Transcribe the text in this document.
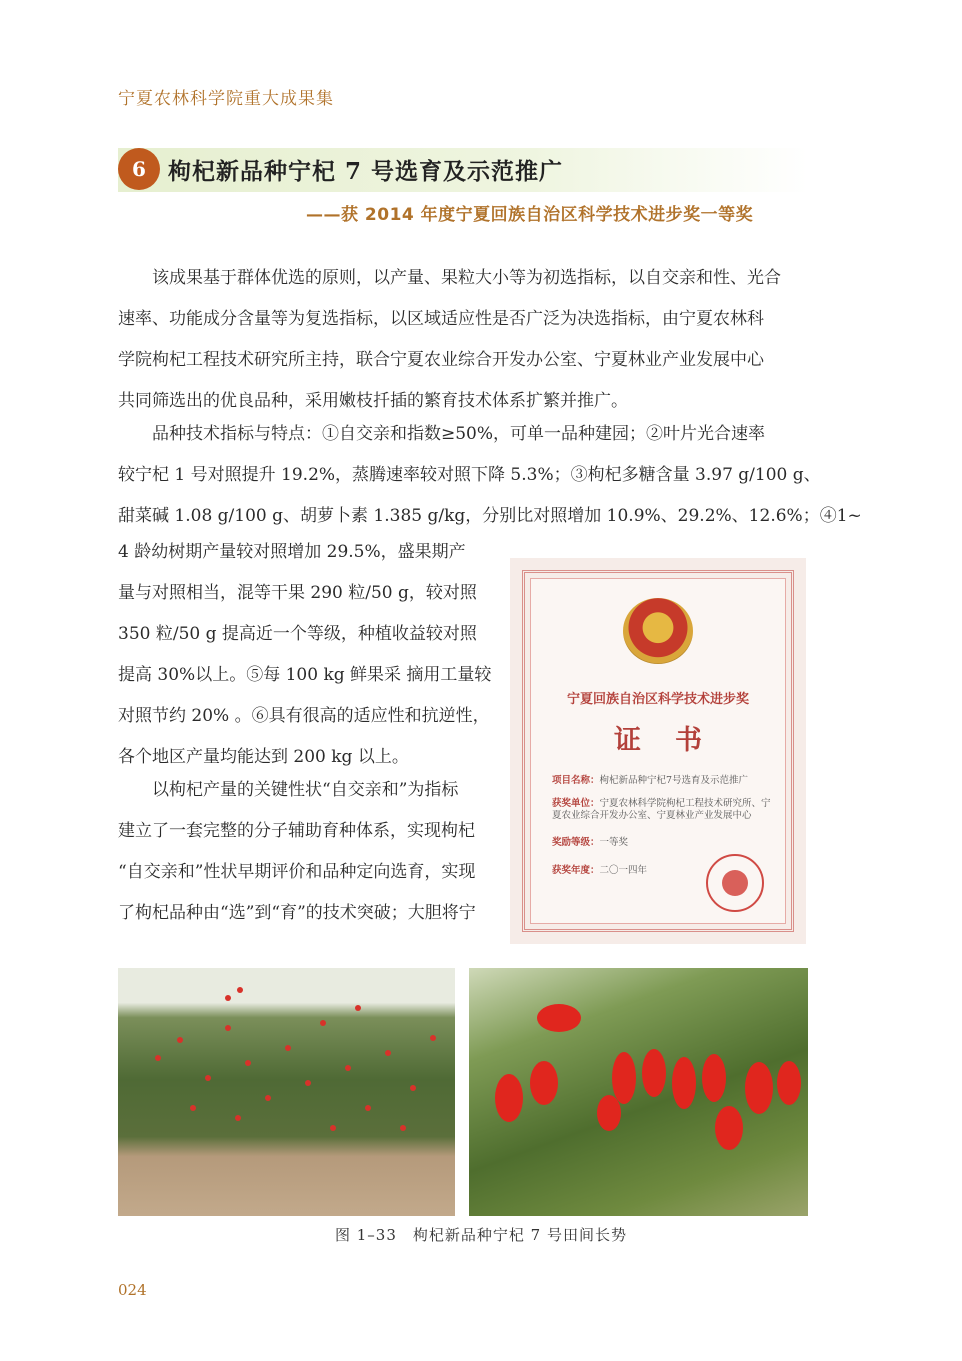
宁夏农林科学院重大成果集
6 枸杞新品种宁杞 7 号选育及示范推广
——获 2014 年度宁夏回族自治区科学技术进步奖一等奖
　　该成果基于群体优选的原则，以产量、果粒大小等为初选指标，以自交亲和性、光合
速率、功能成分含量等为复选指标，以区域适应性是否广泛为决选指标，由宁夏农林科
学院枸杞工程技术研究所主持，联合宁夏农业综合开发办公室、宁夏林业产业发展中心
共同筛选出的优良品种，采用嫩枝扦插的繁育技术体系扩繁并推广。
　　品种技术指标与特点：①自交亲和指数≥50%，可单一品种建园；②叶片光合速率
较宁杞 1 号对照提升 19.2%，蒸腾速率较对照下降 5.3%；③枸杞多糖含量 3.97 g/100 g、
甜菜碱 1.08 g/100 g、胡萝卜素 1.385 g/kg，分别比对照增加 10.9%、29.2%、12.6%；④1~
4 龄幼树期产量较对照增加 29.5%，盛果期产
量与对照相当，混等干果 290 粒/50 g，较对照
350 粒/50 g 提高近一个等级，种植收益较对照
提高 30%以上。⑤每 100 kg 鲜果采 摘用工量较
对照节约 20% 。⑥具有很高的适应性和抗逆性，
各个地区产量均能达到 200 kg 以上。
　　以枸杞产量的关键性状“自交亲和”为指标
建立了一套完整的分子辅助育种体系，实现枸杞
“自交亲和”性状早期评价和品种定向选育，实现
了枸杞品种由“选”到“育”的技术突破；大胆将宁
宁夏回族自治区科学技术进步奖
证书
项目名称：枸杞新品种宁杞7号选育及示范推广
获奖单位：宁夏农林科学院枸杞工程技术研究所、宁夏农业综合开发办公室、宁夏林业产业发展中心
奖励等级：一等奖
获奖年度：二〇一四年
图 1–33　枸杞新品种宁杞 7 号田间长势
024
